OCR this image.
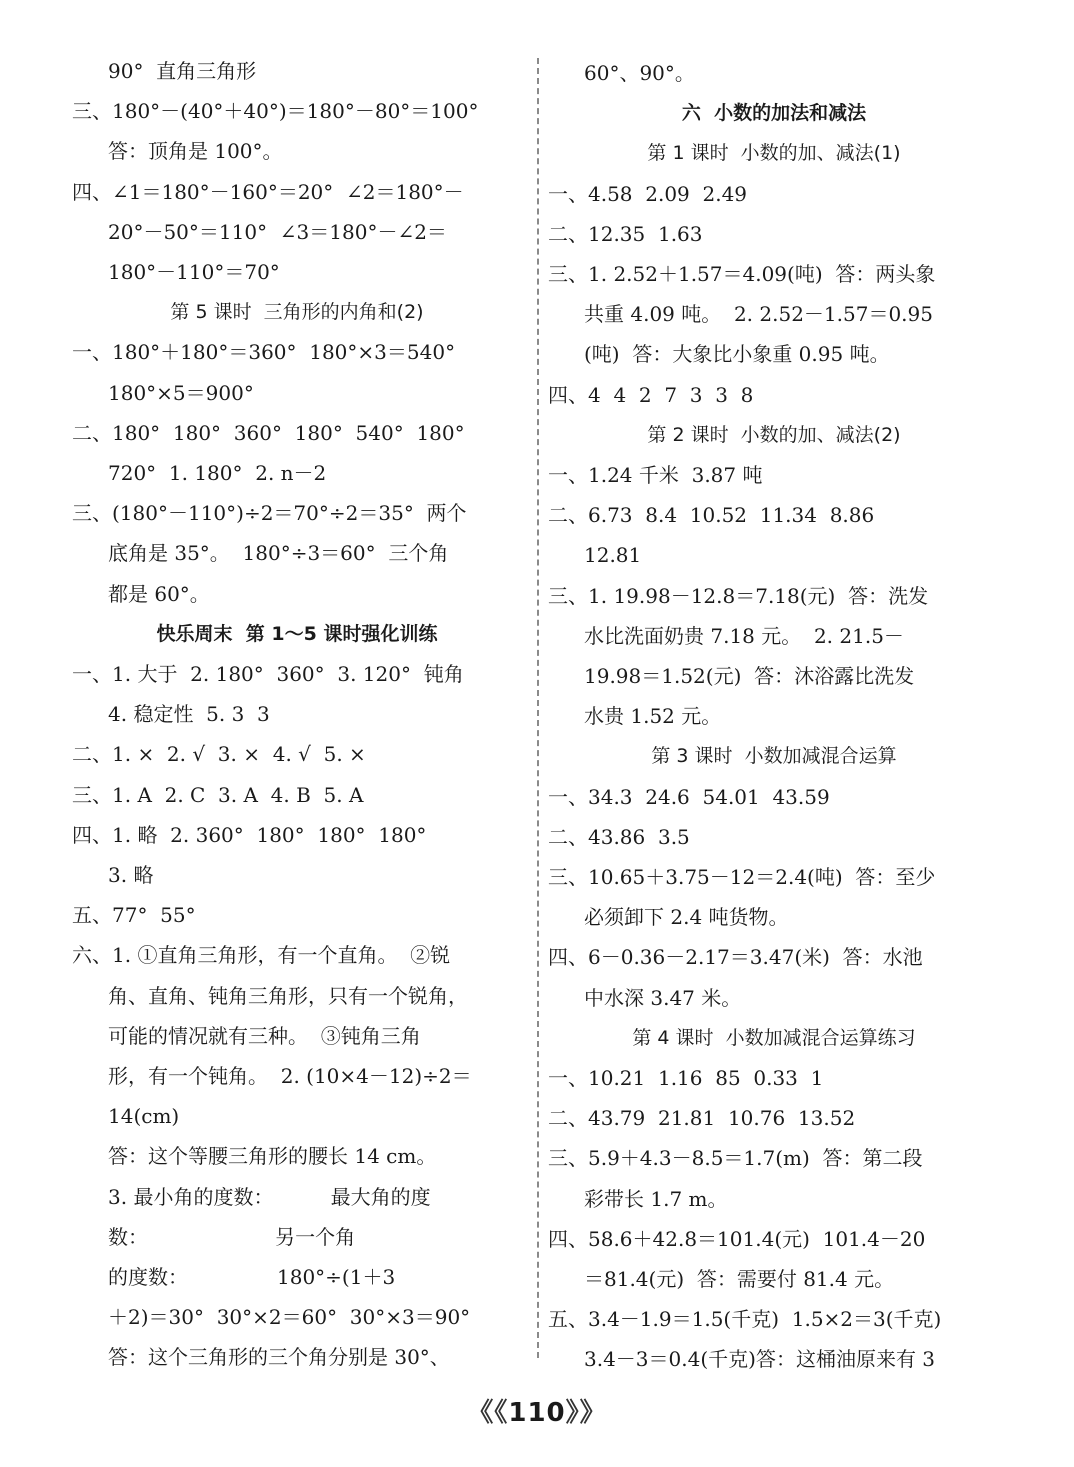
90°  直角三角形
三、180°－(40°＋40°)＝180°－80°＝100°
答：顶角是 100°。
四、∠1＝180°－160°＝20°  ∠2＝180°－
20°－50°＝110°  ∠3＝180°－∠2＝
180°－110°＝70°
第 5 课时  三角形的内角和(2)
一、180°＋180°＝360°  180°×3＝540°
180°×5＝900°
二、180°  180°  360°  180°  540°  180°
720°  1. 180°  2. n－2
三、(180°－110°)÷2＝70°÷2＝35°  两个
底角是 35°。  180°÷3＝60°  三个角
都是 60°。
快乐周末  第 1～5 课时强化训练
一、1. 大于  2. 180°  360°  3. 120°  钝角
4. 稳定性  5. 3  3
二、1. ×  2. √  3. ×  4. √  5. ×
三、1. A  2. C  3. A  4. B  5. A
四、1. 略  2. 360°  180°  180°  180°
3. 略
五、77°  55°
六、1. ①直角三角形，有一个直角。  ②锐
角、直角、钝角三角形，只有一个锐角，
可能的情况就有三种。  ③钝角三角
形，有一个钝角。  2. (10×4－12)÷2＝
14(cm)
答：这个等腰三角形的腰长 14 cm。
3. 最小角的度数：         最大角的度
数：                    另一个角
的度数：              180°÷(1＋3
＋2)＝30°  30°×2＝60°  30°×3＝90°
答：这个三角形的三个角分别是 30°、
60°、90°。
六  小数的加法和减法
第 1 课时  小数的加、减法(1)
一、4.58  2.09  2.49
二、12.35  1.63
三、1. 2.52＋1.57＝4.09(吨)  答：两头象
共重 4.09 吨。  2. 2.52－1.57＝0.95
(吨)  答：大象比小象重 0.95 吨。
四、4  4  2  7  3  3  8
第 2 课时  小数的加、减法(2)
一、1.24 千米  3.87 吨
二、6.73  8.4  10.52  11.34  8.86
12.81
三、1. 19.98－12.8＝7.18(元)  答：洗发
水比洗面奶贵 7.18 元。  2. 21.5－
19.98＝1.52(元)  答：沐浴露比洗发
水贵 1.52 元。
第 3 课时  小数加减混合运算
一、34.3  24.6  54.01  43.59
二、43.86  3.5
三、10.65＋3.75－12＝2.4(吨)  答：至少
必须卸下 2.4 吨货物。
四、6－0.36－2.17＝3.47(米)  答：水池
中水深 3.47 米。
第 4 课时  小数加减混合运算练习
一、10.21  1.16  85  0.33  1
二、43.79  21.81  10.76  13.52
三、5.9＋4.3－8.5＝1.7(m)  答：第二段
彩带长 1.7 m。
四、58.6＋42.8＝101.4(元)  101.4－20
＝81.4(元)  答：需要付 81.4 元。
五、3.4－1.9＝1.5(千克)  1.5×2＝3(千克)
3.4－3＝0.4(千克)答：这桶油原来有 3
《《110》》
